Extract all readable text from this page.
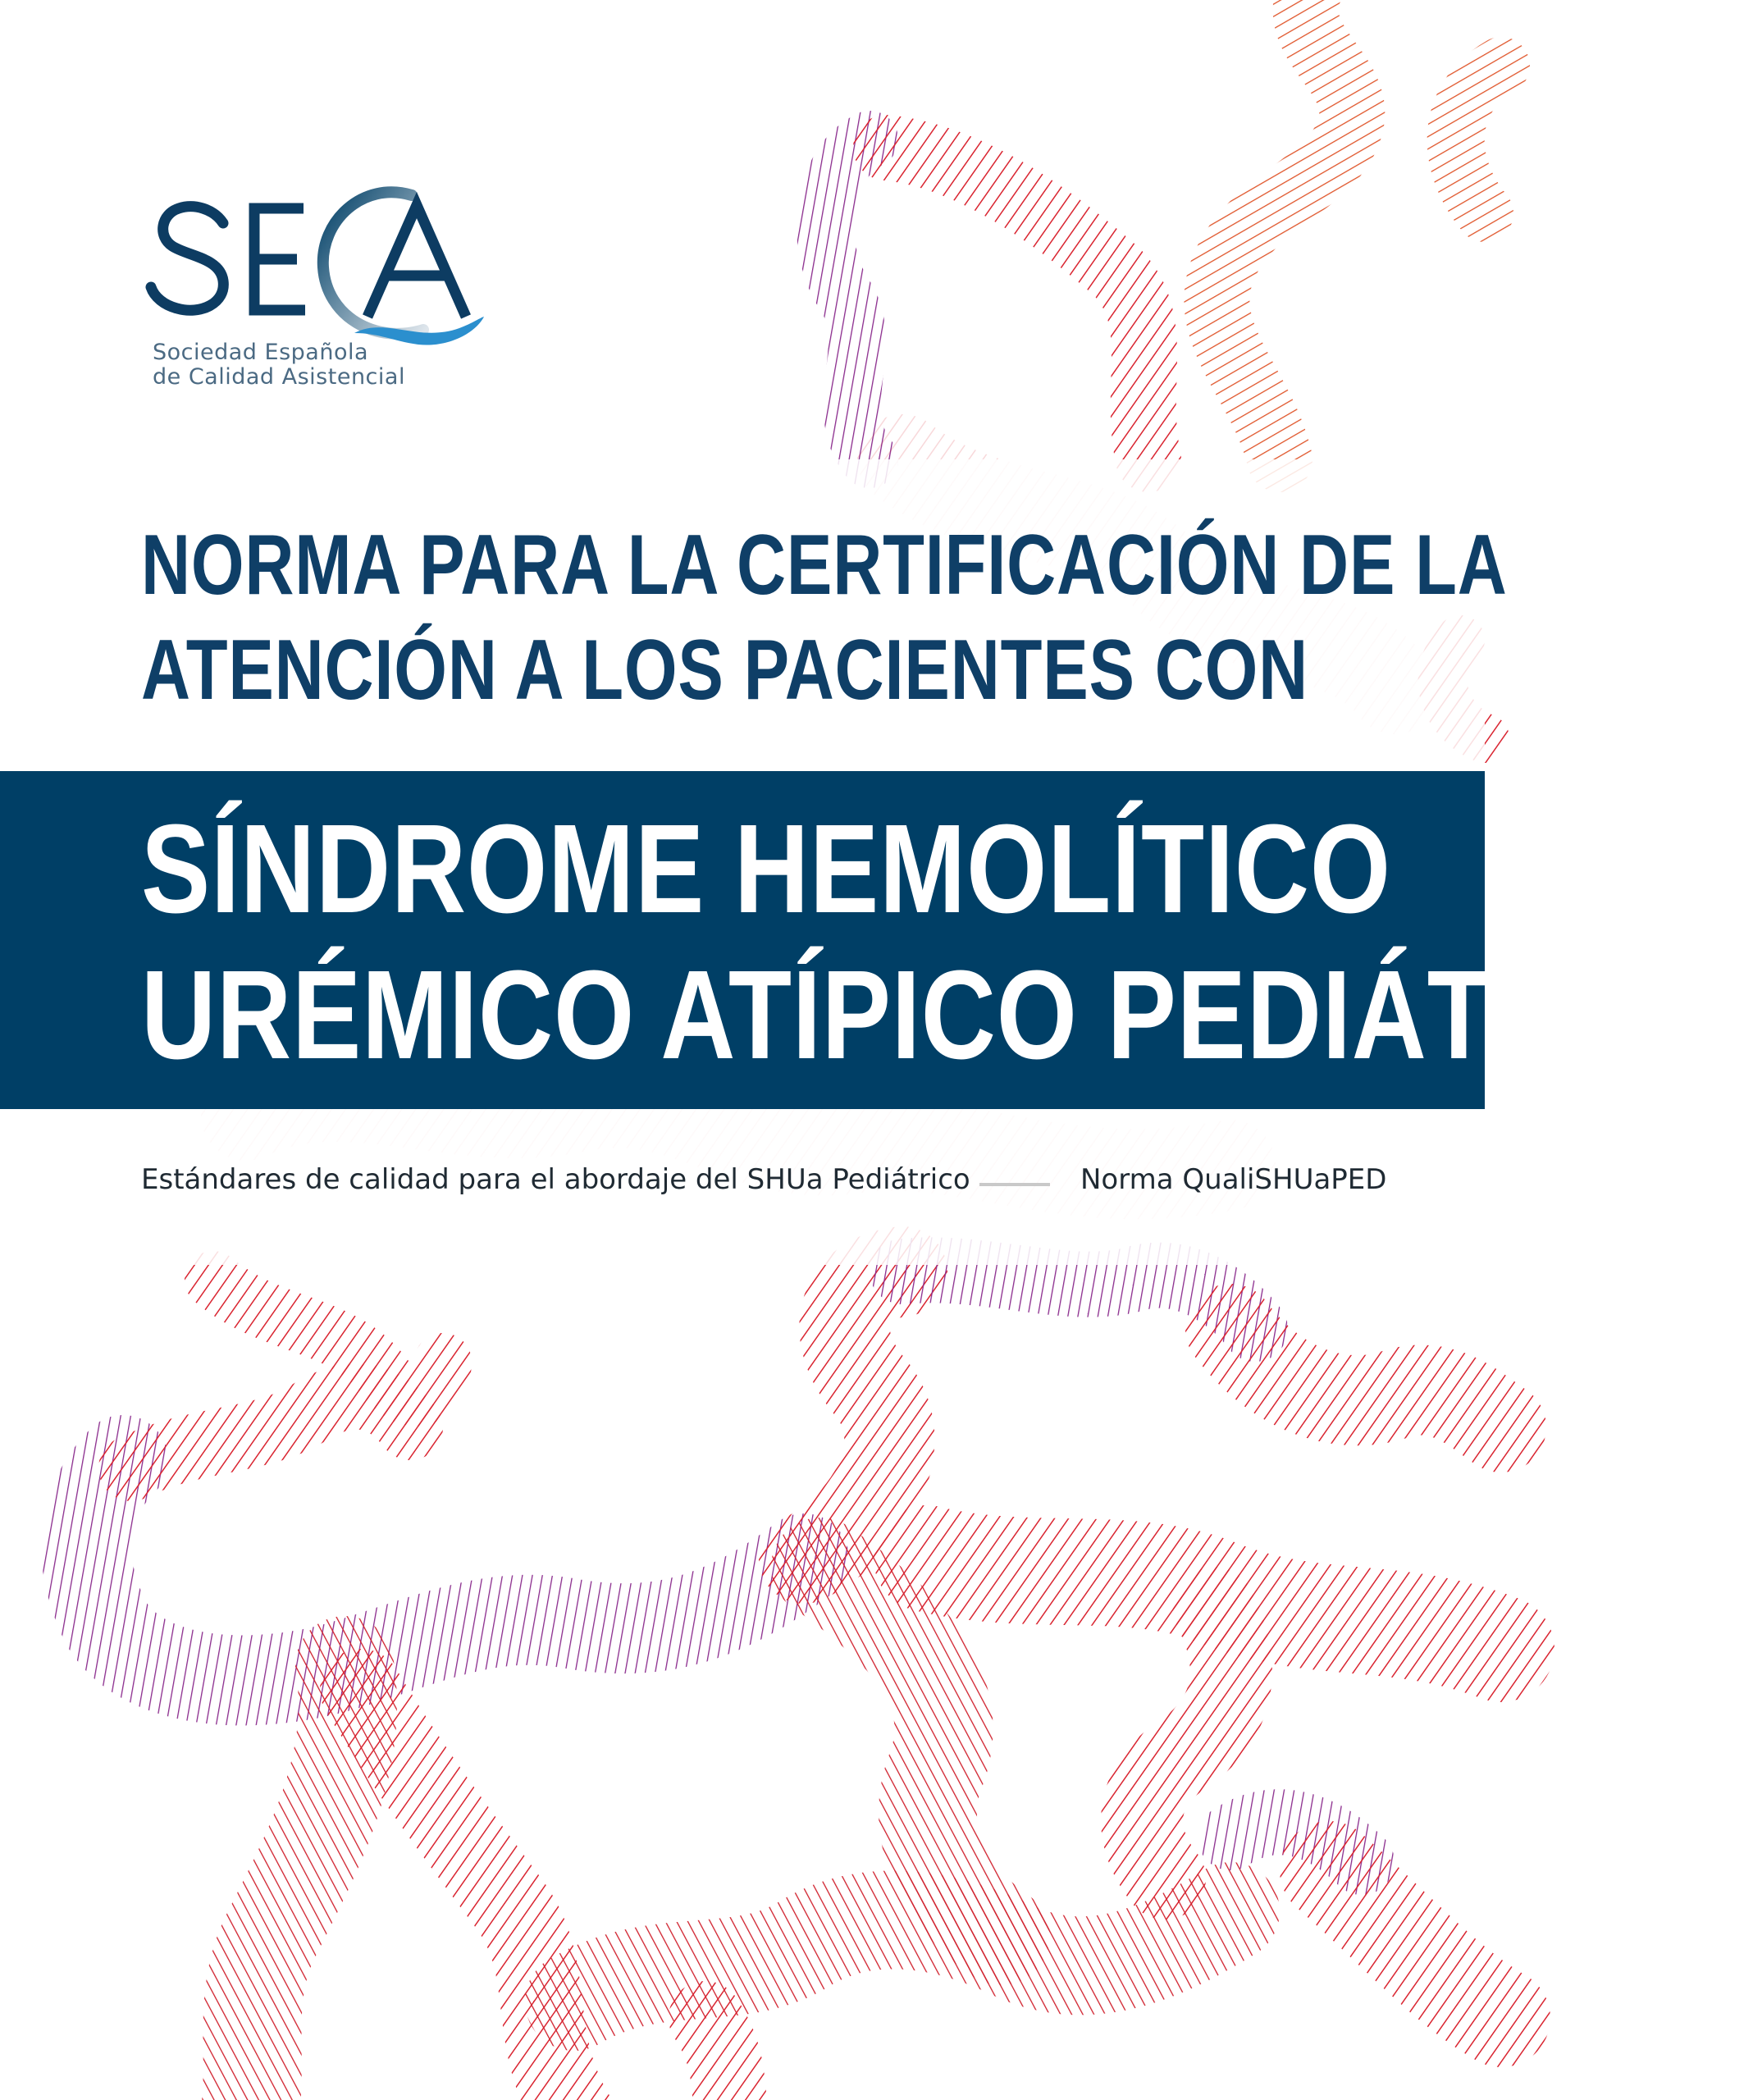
Sociedad Española
de Calidad Asistencial
NORMA PARA LA CERTIFICACIÓN DE LA
ATENCIÓN A LOS PACIENTES CON
SÍNDROME HEMOLÍTICO
URÉMICO ATÍPICO PEDIÁTRICO
Estándares de calidad para el abordaje del SHUa Pediátrico	Norma QualiSHUaPED
